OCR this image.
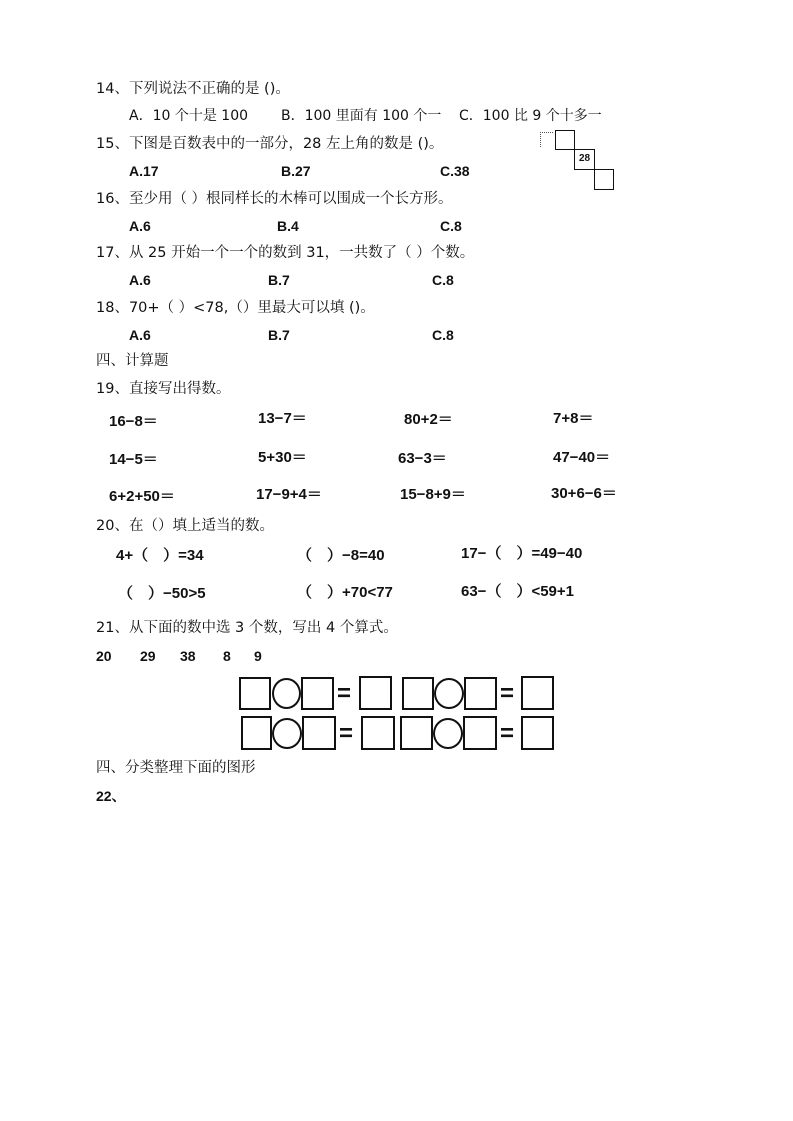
14、下列说法不正确的是 ()。
A．10 个十是 100 B．100 里面有 100 个一 C．100 比 9 个十多一
15、下图是百数表中的一部分，28 左上角的数是 ()。
A.17	B.27	C.38
28
16、至少用（ ）根同样长的木棒可以围成一个长方形。
A.6	B.4	C.8
17、从 25 开始一个一个的数到 31，一共数了（ ）个数。
A.6	B.7	C.8
18、70+（ ）<78,（）里最大可以填 ()。
A.6	B.7	C.8
四、计算题
19、直接写出得数。
16−8＝	13−7＝	80+2＝	7+8＝
14−5＝	5+30＝	63−3＝	47−40＝
6+2+50＝	17−9+4＝	15−8+9＝	30+6−6＝
20、在（）填上适当的数。
4+（　）=34	（　）−8=40	17−（　）=49−40
（　）−50>5	（　）+70<77	63−（　）<59+1
21、从下面的数中选 3 个数，写出 4 个算式。
20 29 38 8 9
=	=
=	=
四、分类整理下面的图形
22、
